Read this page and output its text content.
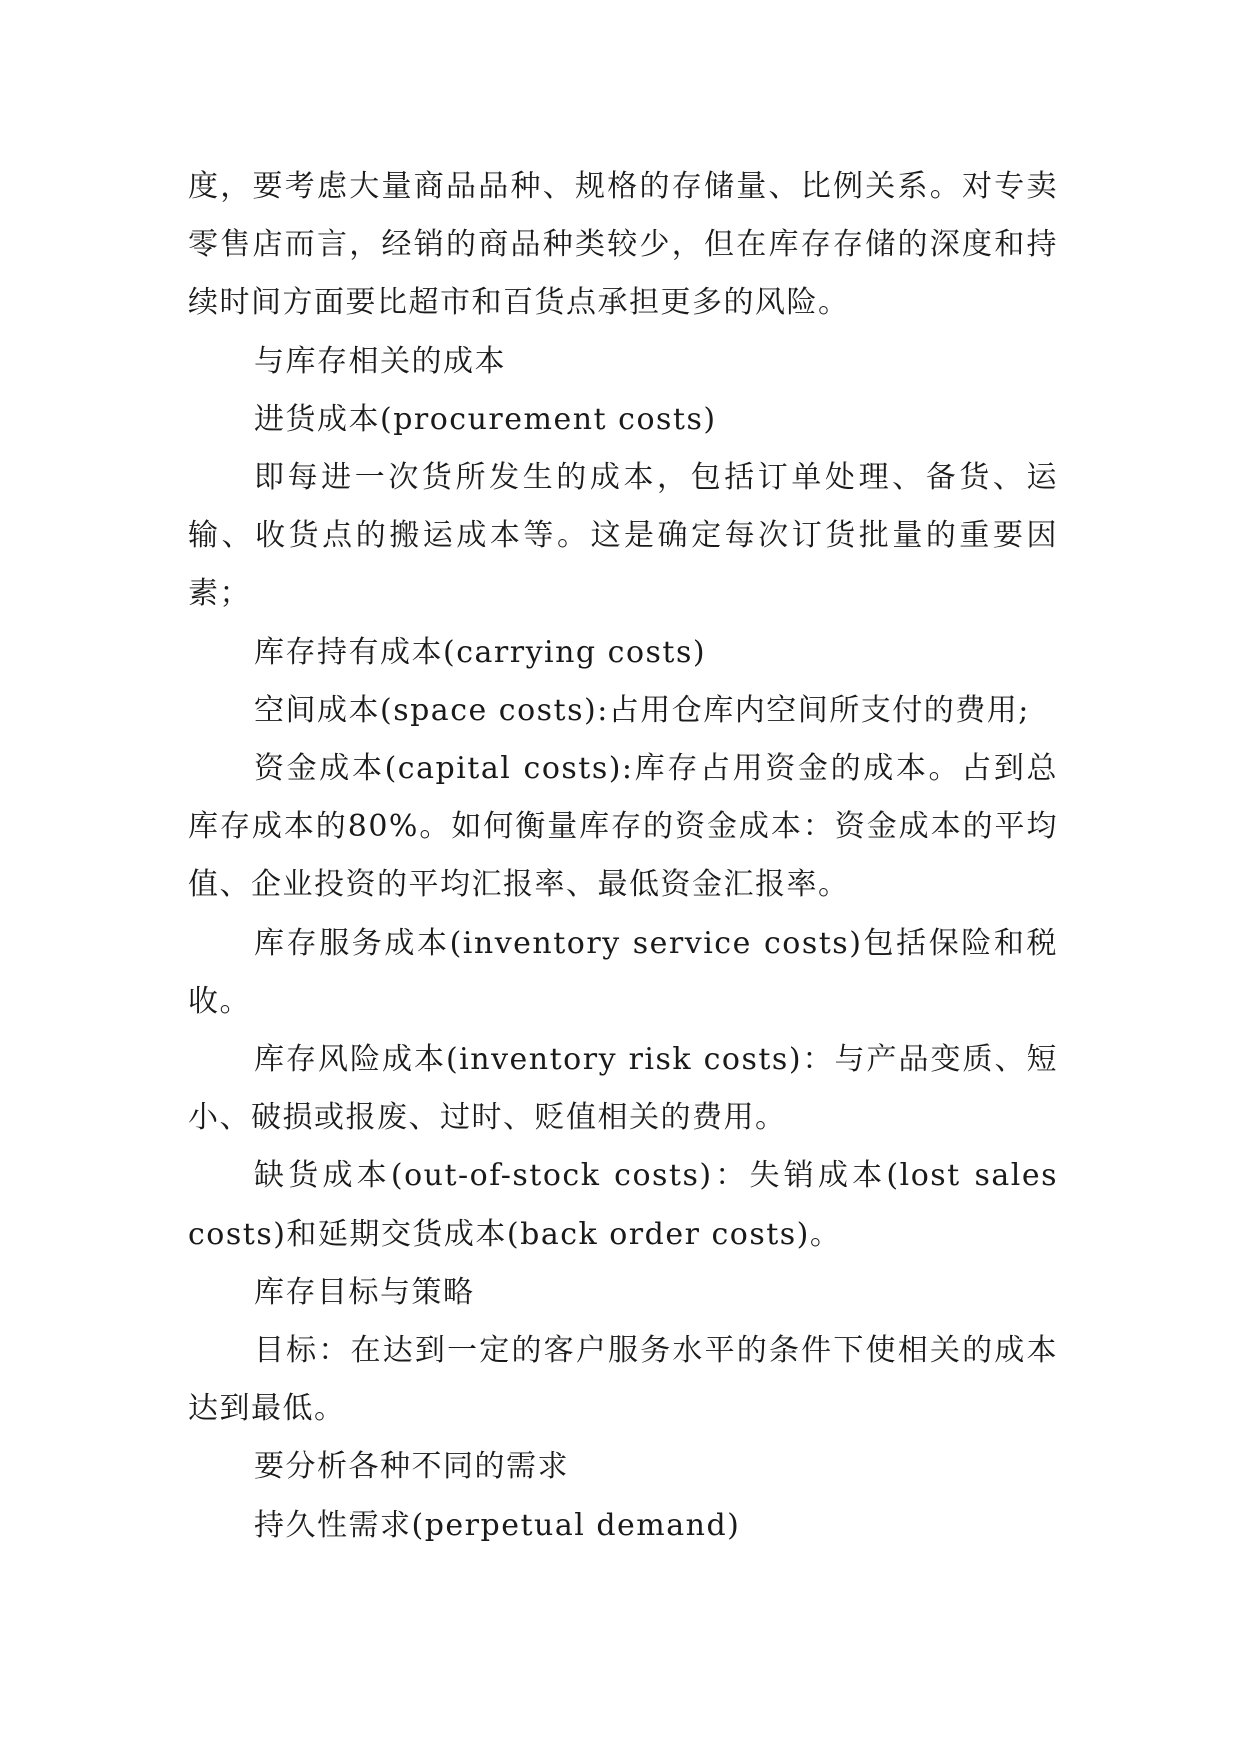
度，要考虑大量商品品种、规格的存储量、比例关系。对专卖零售店而言，经销的商品种类较少，但在库存存储的深度和持续时间方面要比超市和百货点承担更多的风险。

与库存相关的成本

进货成本(procurement costs)

即每进一次货所发生的成本，包括订单处理、备货、运输、收货点的搬运成本等。这是确定每次订货批量的重要因素；

库存持有成本(carrying costs)

空间成本(space costs):占用仓库内空间所支付的费用;

资金成本(capital costs):库存占用资金的成本。占到总库存成本的80%。如何衡量库存的资金成本：资金成本的平均值、企业投资的平均汇报率、最低资金汇报率。

库存服务成本(inventory service costs)包括保险和税收。

库存风险成本(inventory risk costs)：与产品变质、短小、破损或报废、过时、贬值相关的费用。

缺货成本(out-of-stock costs)：失销成本(lost sales costs)和延期交货成本(back order costs)。

库存目标与策略

目标：在达到一定的客户服务水平的条件下使相关的成本达到最低。

要分析各种不同的需求

持久性需求(perpetual demand)
